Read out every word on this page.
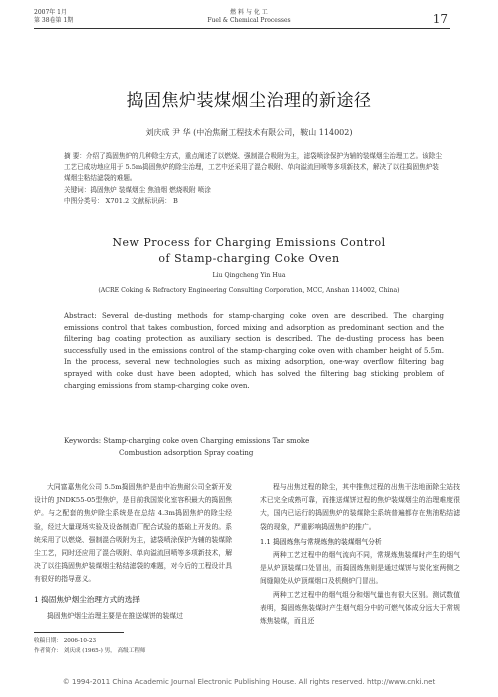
2007年 1月
第 38卷第 1期
燃 料 与 化 工
Fuel & Chemical Processes	17
捣固焦炉装煤烟尘治理的新途径
刘庆成 尹 华 (中冶焦耐工程技术有限公司，鞍山 114002)
摘 要：介绍了捣固焦炉的几种除尘方式，重点阐述了以燃烧、强制混合吸附为主，滤袋喷涂保护为辅的装煤烟尘治理工艺。该除尘工艺已成功地应用于 5.5m捣固焦炉的除尘治理，工艺中还采用了混合吸附、单向溢流回喷等多项新技术，解决了以往捣固焦炉装煤烟尘粘结滤袋的难题。
关键词：捣固焦炉 装煤烟尘 焦油烟 燃烧吸附 喷涂
中图分类号： X701.2 文献标识码： B
New Process for Charging Emissions Control
of Stamp-charging Coke Oven
Liu Qingcheng Yin Hua
(ACRE Coking & Refractory Engineering Consulting Corporation, MCC, Anshan 114002, China)
Abstract: Several de-dusting methods for stamp-charging coke oven are described. The charging emissions control that takes combustion, forced mixing and adsorption as predominant section and the filtering bag coating protection as auxiliary section is described. The de-dusting process has been successfully used in the emissions control of the stamp-charging coke oven with chamber height of 5.5m. In the process, several new technologies such as mixing adsorption, one-way overflow filtering bag sprayed with coke dust have been adopted, which has solved the filtering bag sticking problem of charging emissions from stamp-charging coke oven.
Keywords: Stamp-charging coke oven Charging emissions Tar smoke
Combustion adsorption Spray coating

大同富嘉焦化公司 5.5m捣固焦炉是由中冶焦耐公司全新开发设计的 JNDK55-05型焦炉，是目前我国炭化室容积最大的捣固焦炉。与之配套的焦炉除尘系统是在总结 4.3m捣固焦炉的除尘经验，经过大量现场实验及设备制造厂配合试验的基础上开发的。系统采用了以燃烧、强制混合吸附为主，滤袋喷涂保护为辅的装煤除尘工艺，同时还应用了混合吸附、单向溢流回喷等多项新技术，解决了以往捣固焦炉装煤烟尘粘结滤袋的难题，对今后的工程设计具有很好的指导意义。

1 捣固焦炉烟尘治理方式的选择

捣固焦炉烟尘治理主要是在推送煤饼的装煤过

程与出焦过程的除尘，其中推焦过程的出焦干法地面除尘站技术已完全成熟可靠，而推送煤饼过程的焦炉装煤烟尘的治理难度很大，国内已运行的捣固焦炉的装煤除尘系统普遍都存在焦油粘结滤袋的现象，严重影响捣固焦炉的推广。

1.1 捣固炼焦与常规炼焦的装煤烟气分析

两种工艺过程中的烟气流向不同，常规炼焦装煤时产生的烟气是从炉顶装煤口处冒出，而捣固炼焦则是通过煤饼与炭化室两侧之间缝隙处从炉顶煤烟口及机侧炉门冒出。

两种工艺过程中的烟气组分和烟气量也有很大区别。测试数值表明，捣固炼焦装煤时产生烟气组分中的可燃气体成分远大于常规炼焦装煤，而且还

收稿日期： 2006-10-23
作者简介： 刘庆成 (1965-) 男， 高级工程师
© 1994-2011 China Academic Journal Electronic Publishing House. All rights reserved. http://www.cnki.net
